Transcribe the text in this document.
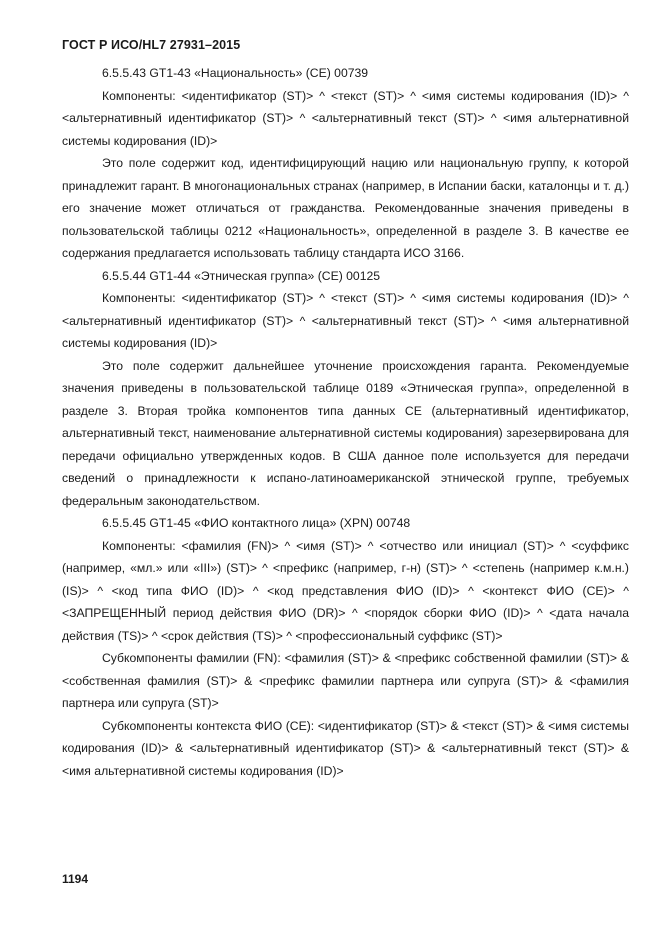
ГОСТ Р ИСО/HL7 27931–2015

6.5.5.43 GT1-43 «Национальность» (CE) 00739

Компоненты: <идентификатор (ST)> ^ <текст (ST)> ^ <имя системы кодирования (ID)> ^ <альтернативный идентификатор (ST)> ^ <альтернативный текст (ST)> ^ <имя альтернативной системы кодирования (ID)>

Это поле содержит код, идентифицирующий нацию или национальную группу, к которой принадлежит гарант. В многонациональных странах (например, в Испании баски, каталонцы и т. д.) его значение может отличаться от гражданства. Рекомендованные значения приведены в пользовательской таблицы 0212 «Национальность», определенной в разделе 3. В качестве ее содержания предлагается использовать таблицу стандарта ИСО 3166.

6.5.5.44 GT1-44 «Этническая группа» (CE) 00125

Компоненты: <идентификатор (ST)> ^ <текст (ST)> ^ <имя системы кодирования (ID)> ^ <альтернативный идентификатор (ST)> ^ <альтернативный текст (ST)> ^ <имя альтернативной системы кодирования (ID)>

Это поле содержит дальнейшее уточнение происхождения гаранта. Рекомендуемые значения приведены в пользовательской таблице 0189 «Этническая группа», определенной в разделе 3. Вторая тройка компонентов типа данных CE (альтернативный идентификатор, альтернативный текст, наименование альтернативной системы кодирования) зарезервирована для передачи официально утвержденных кодов. В США данное поле используется для передачи сведений о принадлежности к испано-латиноамериканской этнической группе, требуемых федеральным законодательством.

6.5.5.45 GT1-45 «ФИО контактного лица» (XPN) 00748

Компоненты: <фамилия (FN)> ^ <имя (ST)> ^ <отчество или инициал (ST)> ^ <суффикс (например, «мл.» или «III») (ST)> ^ <префикс (например, г-н) (ST)> ^ <степень (например к.м.н.) (IS)> ^ <код типа ФИО (ID)> ^ <код представления ФИО (ID)> ^ <контекст ФИО (CE)> ^ <ЗАПРЕЩЕННЫЙ период действия ФИО (DR)> ^ <порядок сборки ФИО (ID)> ^ <дата начала действия (TS)> ^ <срок действия (TS)> ^ <профессиональный суффикс (ST)>

Субкомпоненты фамилии (FN): <фамилия (ST)> & <префикс собственной фамилии (ST)> & <собственная фамилия (ST)> & <префикс фамилии партнера или супруга (ST)> & <фамилия партнера или супруга (ST)>

Субкомпоненты контекста ФИО (CE): <идентификатор (ST)> & <текст (ST)> & <имя системы кодирования (ID)> & <альтернативный идентификатор (ST)> & <альтернативный текст (ST)> & <имя альтернативной системы кодирования (ID)>

1194
